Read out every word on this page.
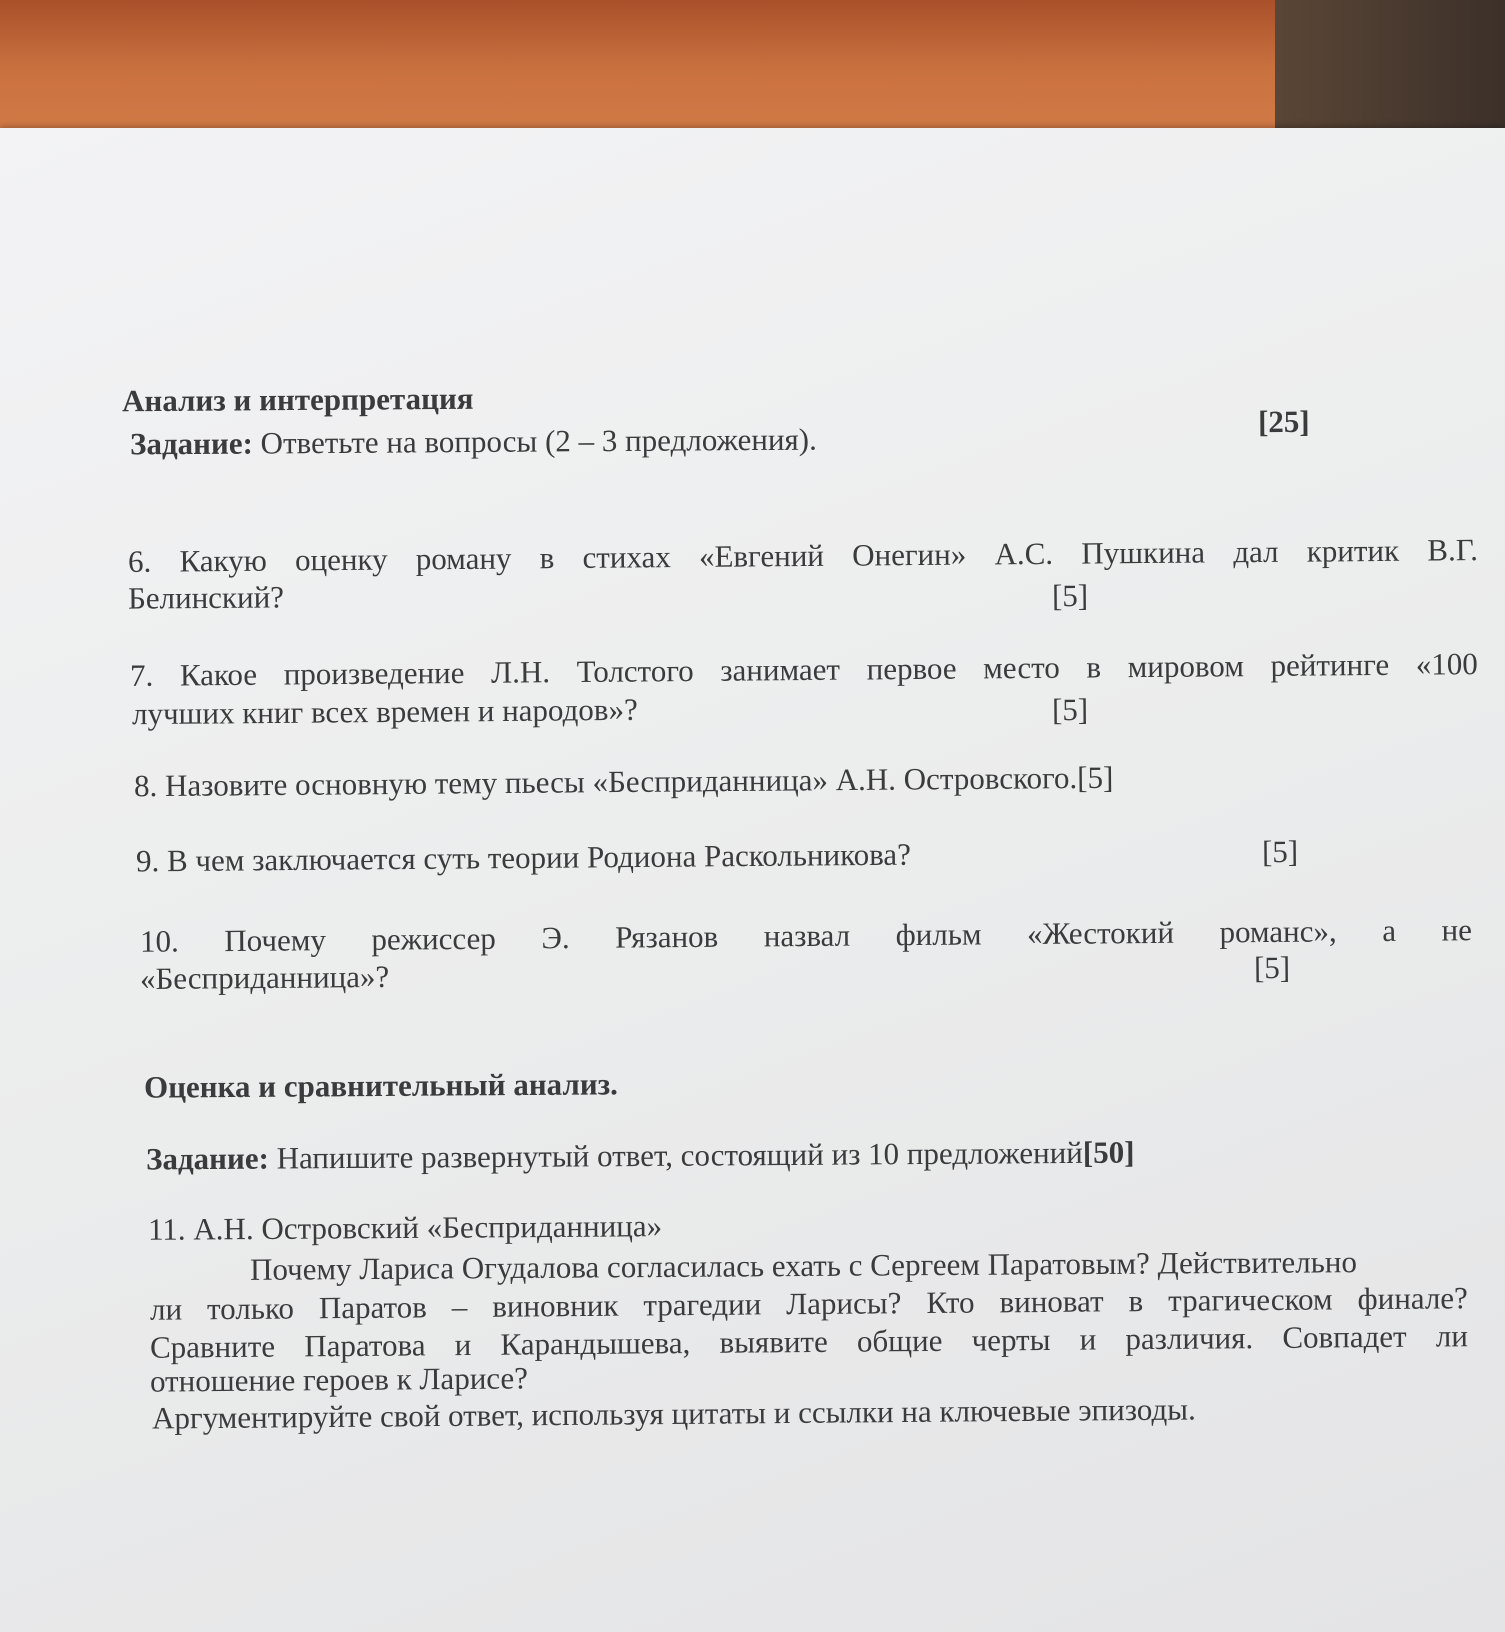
Анализ и интерпретация
Задание: Ответьте на вопросы (2 – 3 предложения).
[25]
6. Какую оценку роману в стихах «Евгений Онегин» А.С. Пушкина дал критик В.Г.
Белинский?	[5]
7. Какое произведение Л.Н. Толстого занимает первое место в мировом рейтинге «100
лучших книг всех времен и народов»?	[5]
8. Назовите основную тему пьесы «Бесприданница» А.Н. Островского.[5]
9. В чем заключается суть теории Родиона Раскольникова?	[5]
10. Почему режиссер Э. Рязанов назвал фильм «Жестокий романс», а не
«Бесприданница»?	[5]
Оценка и сравнительный анализ.
Задание: Напишите развернутый ответ, состоящий из 10 предложений[50]
11. А.Н. Островский «Бесприданница»
Почему Лариса Огудалова согласилась ехать с Сергеем Паратовым? Действительно
ли только Паратов – виновник трагедии Ларисы? Кто виноват в трагическом финале?
Сравните Паратова и Карандышева, выявите общие черты и различия. Совпадет ли
отношение героев к Ларисе?
Аргументируйте свой ответ, используя цитаты и ссылки на ключевые эпизоды.
